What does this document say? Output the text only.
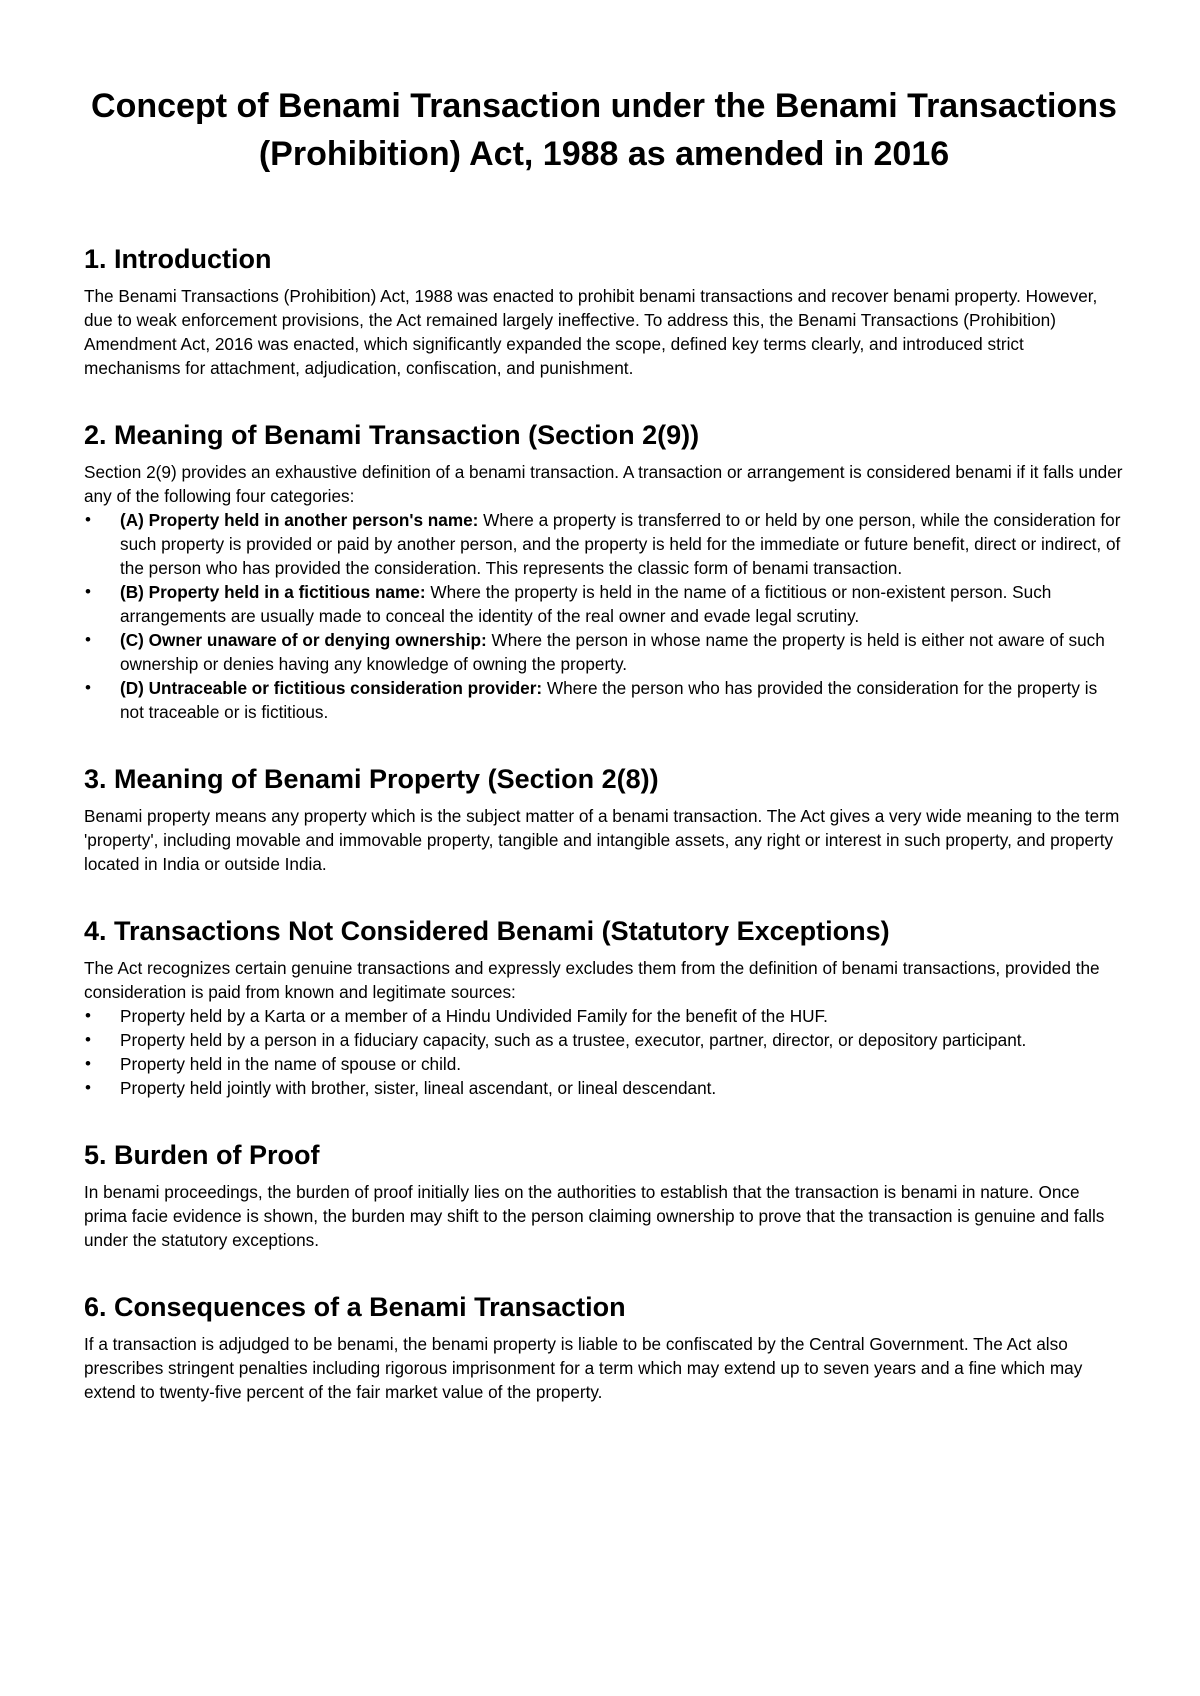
Concept of Benami Transaction under the Benami Transactions (Prohibition) Act, 1988 as amended in 2016
1. Introduction

The Benami Transactions (Prohibition) Act, 1988 was enacted to prohibit benami transactions and recover benami property. However, due to weak enforcement provisions, the Act remained largely ineffective. To address this, the Benami Transactions (Prohibition) Amendment Act, 2016 was enacted, which significantly expanded the scope, defined key terms clearly, and introduced strict mechanisms for attachment, adjudication, confiscation, and punishment.

2. Meaning of Benami Transaction (Section 2(9))

Section 2(9) provides an exhaustive definition of a benami transaction. A transaction or arrangement is considered benami if it falls under any of the following four categories:

• (A) Property held in another person's name: Where a property is transferred to or held by one person, while the consideration for such property is provided or paid by another person, and the property is held for the immediate or future benefit, direct or indirect, of the person who has provided the consideration. This represents the classic form of benami transaction.
• (B) Property held in a fictitious name: Where the property is held in the name of a fictitious or non-existent person. Such arrangements are usually made to conceal the identity of the real owner and evade legal scrutiny.
• (C) Owner unaware of or denying ownership: Where the person in whose name the property is held is either not aware of such ownership or denies having any knowledge of owning the property.
• (D) Untraceable or fictitious consideration provider: Where the person who has provided the consideration for the property is not traceable or is fictitious.
3. Meaning of Benami Property (Section 2(8))

Benami property means any property which is the subject matter of a benami transaction. The Act gives a very wide meaning to the term 'property', including movable and immovable property, tangible and intangible assets, any right or interest in such property, and property located in India or outside India.

4. Transactions Not Considered Benami (Statutory Exceptions)

The Act recognizes certain genuine transactions and expressly excludes them from the definition of benami transactions, provided the consideration is paid from known and legitimate sources:

• Property held by a Karta or a member of a Hindu Undivided Family for the benefit of the HUF.
• Property held by a person in a fiduciary capacity, such as a trustee, executor, partner, director, or depository participant.
• Property held in the name of spouse or child.
• Property held jointly with brother, sister, lineal ascendant, or lineal descendant.
5. Burden of Proof

In benami proceedings, the burden of proof initially lies on the authorities to establish that the transaction is benami in nature. Once prima facie evidence is shown, the burden may shift to the person claiming ownership to prove that the transaction is genuine and falls under the statutory exceptions.

6. Consequences of a Benami Transaction

If a transaction is adjudged to be benami, the benami property is liable to be confiscated by the Central Government. The Act also prescribes stringent penalties including rigorous imprisonment for a term which may extend up to seven years and a fine which may extend to twenty-five percent of the fair market value of the property.
